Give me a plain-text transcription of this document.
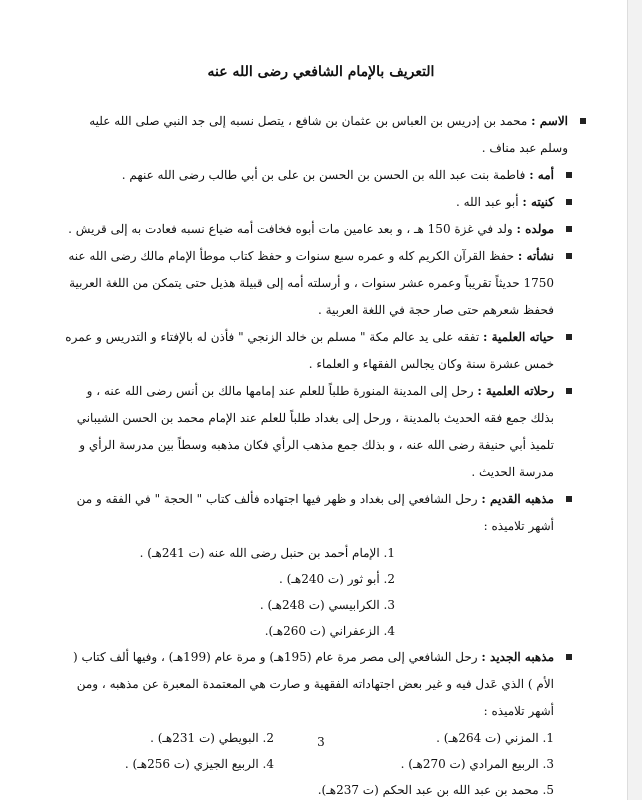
التعريف بالإمام الشافعي رضى الله عنه
الاسم : محمد بن إدريس بن العباس بن عثمان بن شافع ، يتصل نسبه إلى جد النبي صلى الله عليه وسلم عبد مناف .
أمه : فاطمة بنت عبد الله بن الحسن بن الحسن بن على بن أبي طالب رضى الله عنهم .
كنيته : أبو عبد الله .
مولده : ولد في غزة 150 هـ ، و بعد عامين مات أبوه فخافت أمه ضياع نسبه فعادت به إلى قريش .
نشأته : حفظ القرآن الكريم كله و عمره سبع سنوات و حفظ كتاب موطأ الإمام مالك رضى الله عنه 1750 حديثاً تقريباً وعمره عشر سنوات ، و أرسلته أمه إلى قبيلة هذيل حتى يتمكن من اللغة العربية فحفظ شعرهم حتى صار حجة في اللغة العربية .
حياته العلمية : تفقه على يد عالم مكة " مسلم بن خالد الزنجي " فأذن له بالإفتاء و التدريس و عمره خمس عشرة سنة وكان يجالس الفقهاء و العلماء .
رحلاته العلمية : رحل إلى المدينة المنورة طلباً للعلم عند إمامها مالك بن أنس رضى الله عنه ، و بذلك جمع فقه الحديث بالمدينة ، ورحل إلى بغداد طلباً للعلم عند الإمام محمد بن الحسن الشيباني تلميذ أبي حنيفة رضى الله عنه ، و بذلك جمع مذهب الرأي فكان مذهبه وسطاً بين مدرسة الرأي و مدرسة الحديث .
مذهبه القديم : رحل الشافعي إلى بغداد و ظهر فيها اجتهاده فألف كتاب " الحجة " في الفقه و من أشهر تلاميذه :
1. الإمام أحمد بن حنبل رضى الله عنه (ت 241هـ) .
2. أبو ثور (ت 240هـ) .
3. الكرابيسي (ت 248هـ) .
4. الزعفراني (ت 260هـ).
مذهبه الجديد : رحل الشافعي إلى مصر مرة عام (195هـ) و مرة عام (199هـ) ، وفيها ألف كتاب ( الأم ) الذي عَدل فيه و غير بعض اجتهاداته الفقهية و صارت هي المعتمدة المعبرة عن مذهبه ، ومن أشهر تلاميذه :
1. المزني (ت 264هـ) .
2. البويطي (ت 231هـ) .
3. الربيع المرادي (ت 270هـ) .
4. الربيع الجيزي (ت 256هـ) .
5. محمد بن عبد الله بن عبد الحكم (ت 237هـ).
3
